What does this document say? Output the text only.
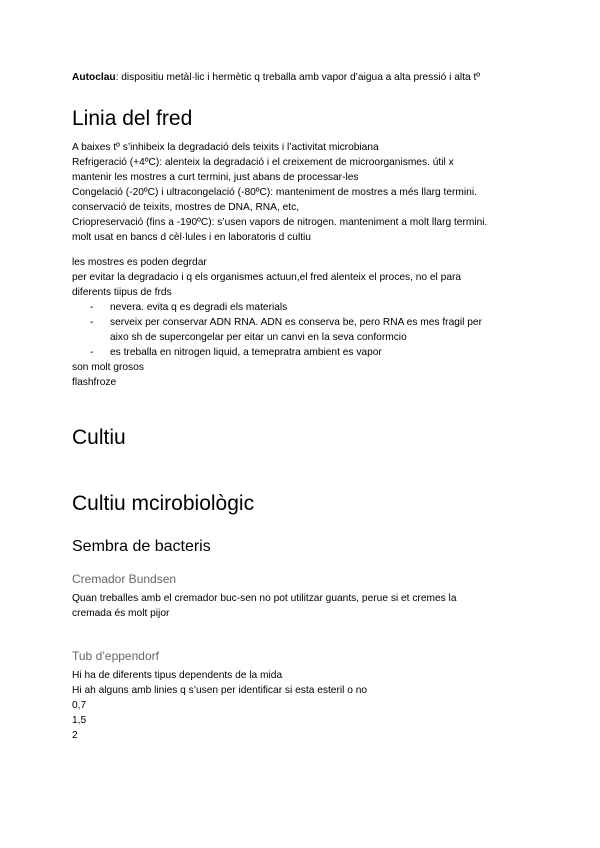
Autoclau: dispositiu metàl·lic i hermètic q treballa amb vapor d’aigua a alta pressió i alta tº

Linia del fred

A baixes tº s’inhibeix la degradació dels teixits i l’activitat microbiana

Refrigeració (+4ºC): alenteix la degradació i el creixement de microorganismes. útil x

mantenir les mostres a curt termini, just abans de processar-les

Congelació (-20ºC) i ultracongelació (-80ºC): manteniment de mostres a més llarg termini.

conservació de teixits, mostres de DNA, RNA, etc,

Criopreservació (fins a -190ºC): s’usen vapors de nitrogen. manteniment a molt llarg termini.

molt usat en bancs d cèl·lules i en laboratoris d cultiu

les mostres es poden degrdar

per evitar la degradacio i q els organismes actuun,el fred alenteix el proces, no el para

diferents tiipus de frds

- nevera. evita q es degradi els materials
- serveix per conservar ADN RNA. ADN es conserva be, pero RNA es mes fragil per
aixo sh de supercongelar per eitar un canvi en la seva conformcio
- es treballa en nitrogen liquid, a temepratra ambient es vapor

son molt grosos

flashfroze

Cultiu
Cultiu mcirobiològic
Sembra de bacteris
Cremador Bundsen

Quan treballes amb el cremador buc-sen no pot utilitzar guants, perue si et cremes la

cremada és molt pijor

Tub d’eppendorf

Hi ha de diferents tipus dependents de la mida

Hi ah alguns amb linies q s’usen per identificar si esta esteril o no

0,7

1,5

2
